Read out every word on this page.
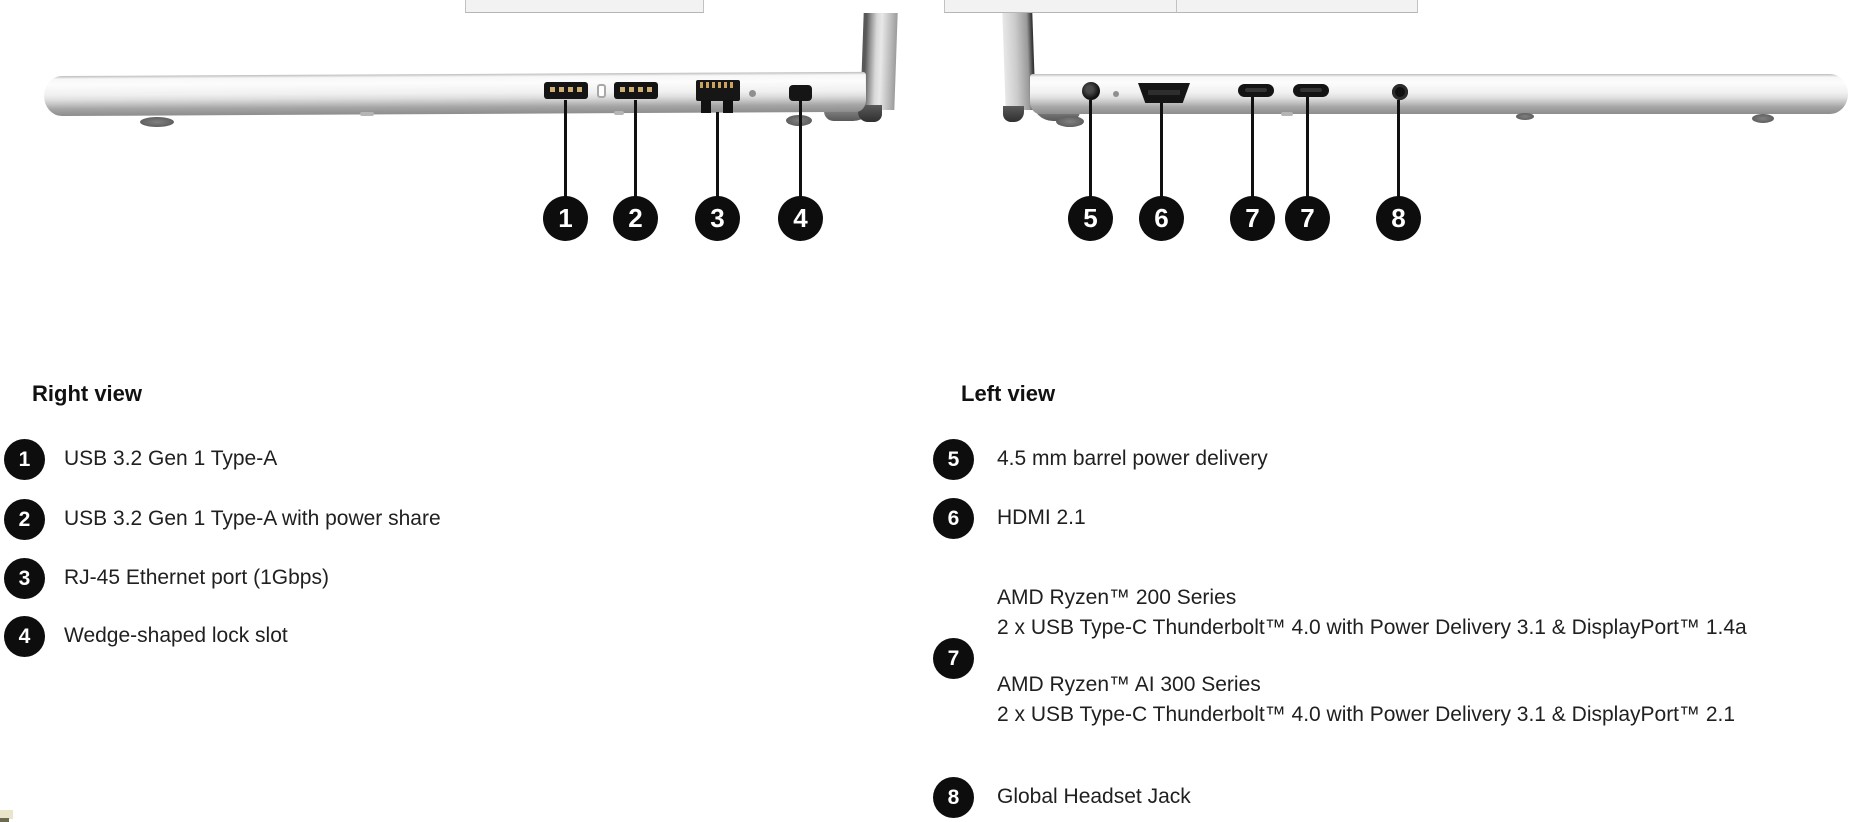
1	2	3	4	5	6	7	7	8
Right view
1	USB 3.2 Gen 1 Type-A
2	USB 3.2 Gen 1 Type-A with power share
3	RJ-45 Ethernet port (1Gbps)
4	Wedge-shaped lock slot
Left view
5	4.5 mm barrel power delivery
6	HDMI 2.1
7
AMD Ryzen™ 200 Series
2 x USB Type-C Thunderbolt™ 4.0 with Power Delivery 3.1 & DisplayPort™ 1.4a
AMD Ryzen™ AI 300 Series
2 x USB Type-C Thunderbolt™ 4.0 with Power Delivery 3.1 & DisplayPort™ 2.1
8	Global Headset Jack
